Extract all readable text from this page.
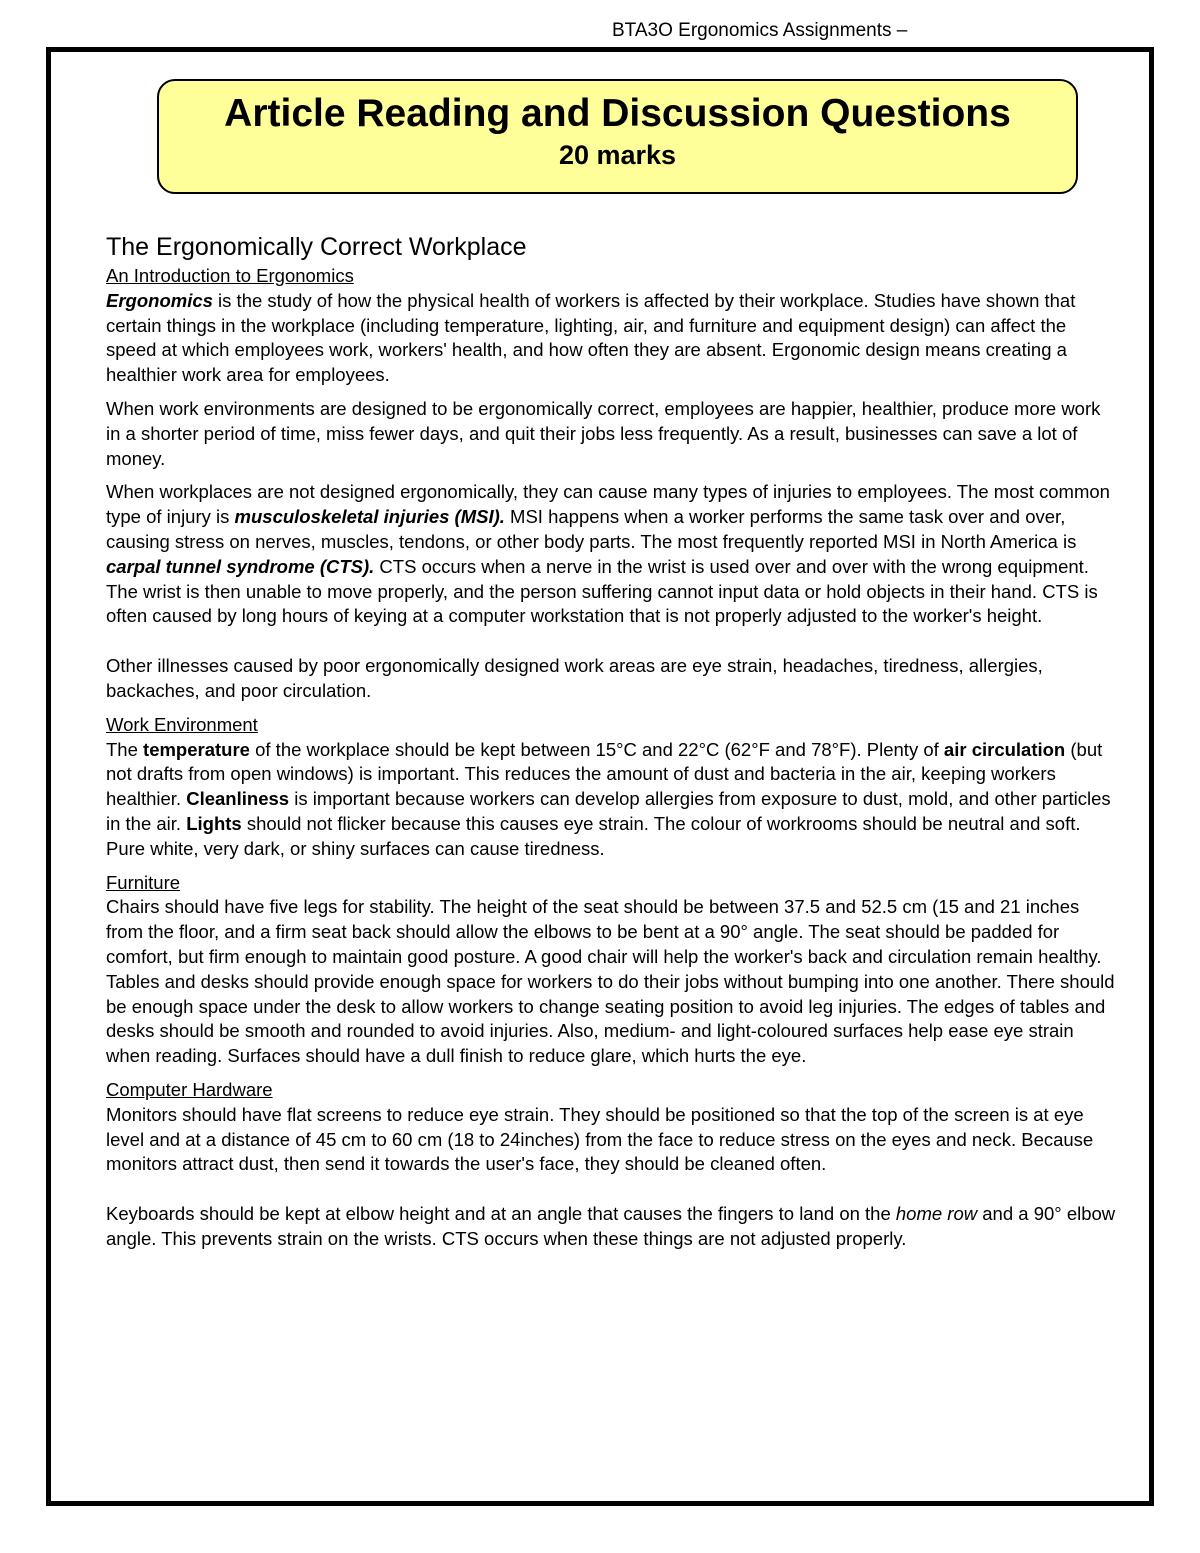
BTA3O Ergonomics Assignments –
Article Reading and Discussion Questions
20 marks
The Ergonomically Correct Workplace
An Introduction to Ergonomics

Ergonomics is the study of how the physical health of workers is affected by their workplace. Studies have shown that certain things in the workplace (including temperature, lighting, air, and furniture and equipment design) can affect the speed at which employees work, workers' health, and how often they are absent. Ergonomic design means creating a healthier work area for employees.

When work environments are designed to be ergonomically correct, employees are happier, healthier, produce more work in a shorter period of time, miss fewer days, and quit their jobs less frequently. As a result, businesses can save a lot of money.

When workplaces are not designed ergonomically, they can cause many types of injuries to employees. The most common type of injury is musculoskeletal injuries (MSI). MSI happens when a worker performs the same task over and over, causing stress on nerves, muscles, tendons, or other body parts. The most frequently reported MSI in North America is carpal tunnel syndrome (CTS). CTS occurs when a nerve in the wrist is used over and over with the wrong equipment. The wrist is then unable to move properly, and the person suffering cannot input data or hold objects in their hand. CTS is often caused by long hours of keying at a computer workstation that is not properly adjusted to the worker's height.

Other illnesses caused by poor ergonomically designed work areas are eye strain, headaches, tiredness, allergies, backaches, and poor circulation.

Work Environment

The temperature of the workplace should be kept between 15°C and 22°C (62°F and 78°F). Plenty of air circulation (but not drafts from open windows) is important. This reduces the amount of dust and bacteria in the air, keeping workers healthier. Cleanliness is important because workers can develop allergies from exposure to dust, mold, and other particles in the air. Lights should not flicker because this causes eye strain. The colour of workrooms should be neutral and soft. Pure white, very dark, or shiny surfaces can cause tiredness.

Furniture

Chairs should have five legs for stability. The height of the seat should be between 37.5 and 52.5 cm (15 and 21 inches from the floor, and a firm seat back should allow the elbows to be bent at a 90° angle. The seat should be padded for comfort, but firm enough to maintain good posture. A good chair will help the worker's back and circulation remain healthy. Tables and desks should provide enough space for workers to do their jobs without bumping into one another. There should be enough space under the desk to allow workers to change seating position to avoid leg injuries. The edges of tables and desks should be smooth and rounded to avoid injuries. Also, medium- and light-coloured surfaces help ease eye strain when reading. Surfaces should have a dull finish to reduce glare, which hurts the eye.

Computer Hardware

Monitors should have flat screens to reduce eye strain. They should be positioned so that the top of the screen is at eye level and at a distance of 45 cm to 60 cm (18 to 24inches) from the face to reduce stress on the eyes and neck. Because monitors attract dust, then send it towards the user's face, they should be cleaned often.

Keyboards should be kept at elbow height and at an angle that causes the fingers to land on the home row and a 90° elbow angle. This prevents strain on the wrists. CTS occurs when these things are not adjusted properly.
